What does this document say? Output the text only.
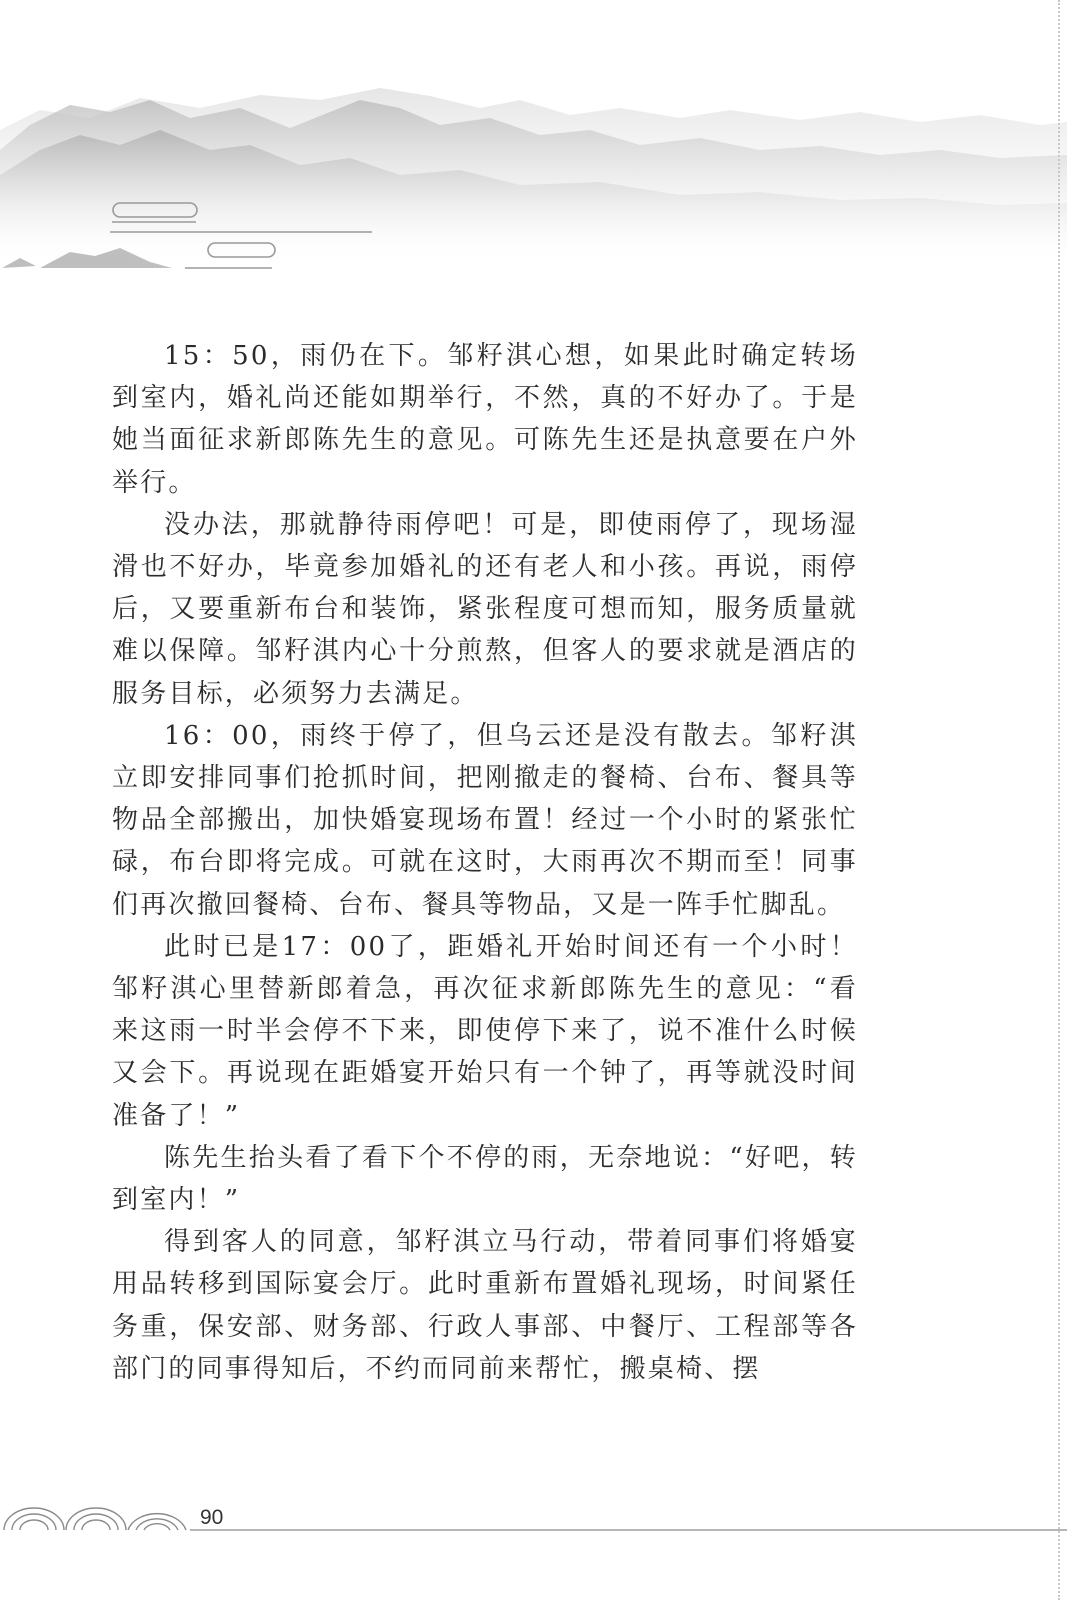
15：50，雨仍在下。邹籽淇心想，如果此时确定转场到室内，婚礼尚还能如期举行，不然，真的不好办了。于是她当面征求新郎陈先生的意见。可陈先生还是执意要在户外举行。

没办法，那就静待雨停吧！可是，即使雨停了，现场湿滑也不好办，毕竟参加婚礼的还有老人和小孩。再说，雨停后，又要重新布台和装饰，紧张程度可想而知，服务质量就难以保障。邹籽淇内心十分煎熬，但客人的要求就是酒店的服务目标，必须努力去满足。

16：00，雨终于停了，但乌云还是没有散去。邹籽淇立即安排同事们抢抓时间，把刚撤走的餐椅、台布、餐具等物品全部搬出，加快婚宴现场布置！经过一个小时的紧张忙碌，布台即将完成。可就在这时，大雨再次不期而至！同事们再次撤回餐椅、台布、餐具等物品，又是一阵手忙脚乱。

此时已是17：00了，距婚礼开始时间还有一个小时！邹籽淇心里替新郎着急，再次征求新郎陈先生的意见：“看来这雨一时半会停不下来，即使停下来了，说不准什么时候又会下。再说现在距婚宴开始只有一个钟了，再等就没时间准备了！”

陈先生抬头看了看下个不停的雨，无奈地说：“好吧，转到室内！”

得到客人的同意，邹籽淇立马行动，带着同事们将婚宴用品转移到国际宴会厅。此时重新布置婚礼现场，时间紧任务重，保安部、财务部、行政人事部、中餐厅、工程部等各部门的同事得知后，不约而同前来帮忙，搬桌椅、摆

90
